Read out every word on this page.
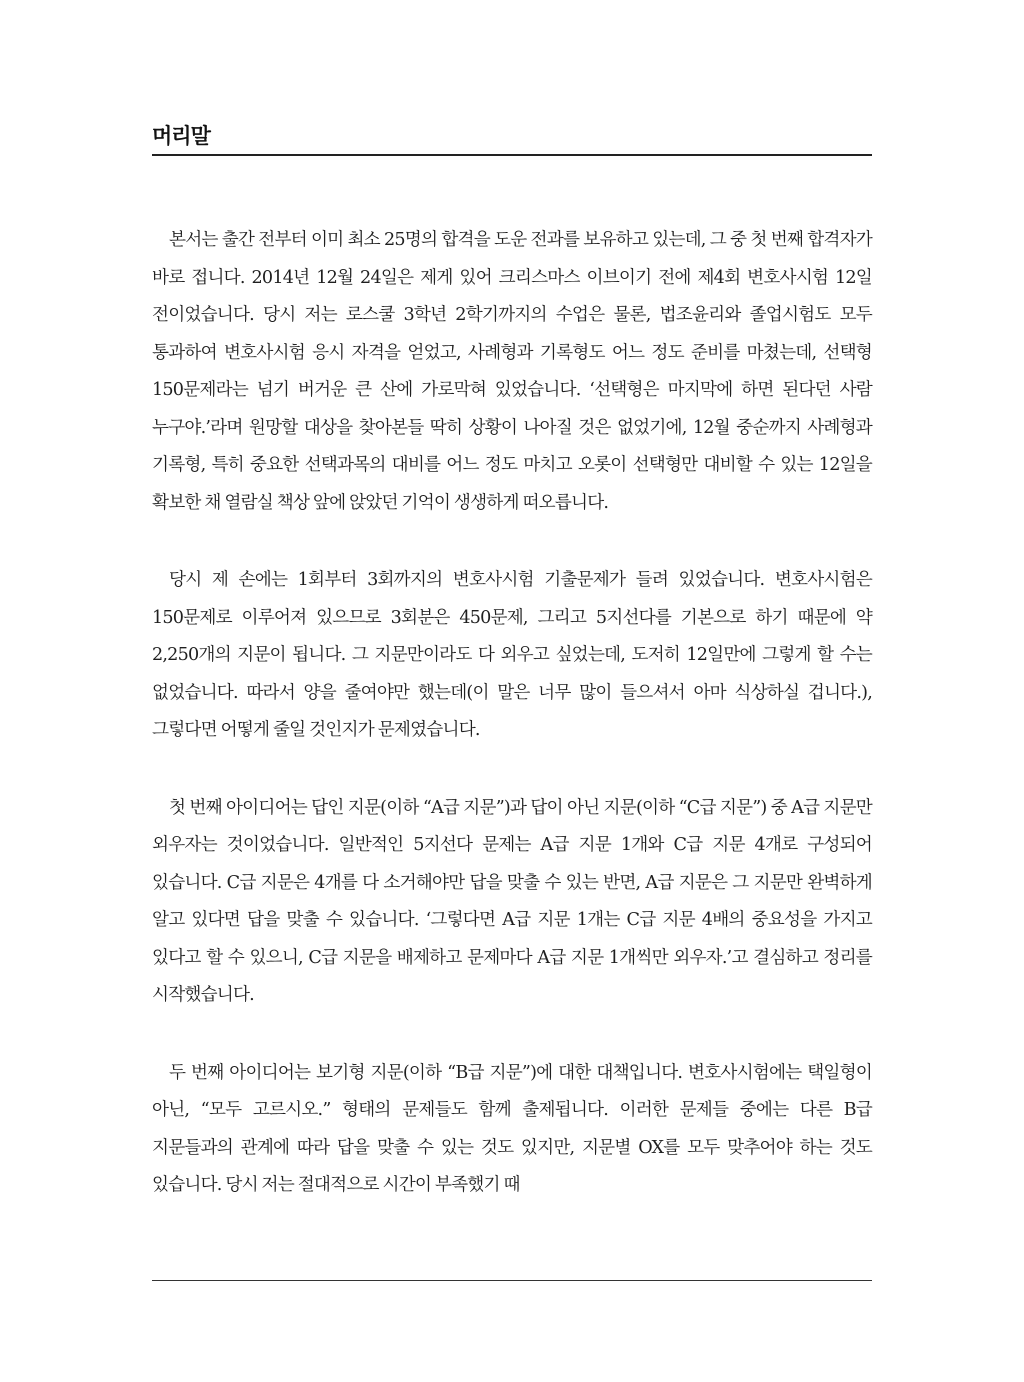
머리말

본서는 출간 전부터 이미 최소 25명의 합격을 도운 전과를 보유하고 있는데, 그 중 첫 번째 합격자가 바로 접니다. 2014년 12월 24일은 제게 있어 크리스마스 이브이기 전에 제4회 변호사시험 12일 전이었습니다. 당시 저는 로스쿨 3학년 2학기까지의 수업은 물론, 법조윤리와 졸업시험도 모두 통과하여 변호사시험 응시 자격을 얻었고, 사례형과 기록형도 어느 정도 준비를 마쳤는데, 선택형 150문제라는 넘기 버거운 큰 산에 가로막혀 있었습니다. ‘선택형은 마지막에 하면 된다던 사람 누구야.’라며 원망할 대상을 찾아본들 딱히 상황이 나아질 것은 없었기에, 12월 중순까지 사례형과 기록형, 특히 중요한 선택과목의 대비를 어느 정도 마치고 오롯이 선택형만 대비할 수 있는 12일을 확보한 채 열람실 책상 앞에 앉았던 기억이 생생하게 떠오릅니다.

당시 제 손에는 1회부터 3회까지의 변호사시험 기출문제가 들려 있었습니다. 변호사시험은 150문제로 이루어져 있으므로 3회분은 450문제, 그리고 5지선다를 기본으로 하기 때문에 약 2,250개의 지문이 됩니다. 그 지문만이라도 다 외우고 싶었는데, 도저히 12일만에 그렇게 할 수는 없었습니다. 따라서 양을 줄여야만 했는데(이 말은 너무 많이 들으셔서 아마 식상하실 겁니다.), 그렇다면 어떻게 줄일 것인지가 문제였습니다.

첫 번째 아이디어는 답인 지문(이하 “A급 지문”)과 답이 아닌 지문(이하 “C급 지문”) 중 A급 지문만 외우자는 것이었습니다. 일반적인 5지선다 문제는 A급 지문 1개와 C급 지문 4개로 구성되어 있습니다. C급 지문은 4개를 다 소거해야만 답을 맞출 수 있는 반면, A급 지문은 그 지문만 완벽하게 알고 있다면 답을 맞출 수 있습니다. ‘그렇다면 A급 지문 1개는 C급 지문 4배의 중요성을 가지고 있다고 할 수 있으니, C급 지문을 배제하고 문제마다 A급 지문 1개씩만 외우자.’고 결심하고 정리를 시작했습니다.

두 번째 아이디어는 보기형 지문(이하 “B급 지문”)에 대한 대책입니다. 변호사시험에는 택일형이 아닌, “모두 고르시오.” 형태의 문제들도 함께 출제됩니다. 이러한 문제들 중에는 다른 B급 지문들과의 관계에 따라 답을 맞출 수 있는 것도 있지만, 지문별 OX를 모두 맞추어야 하는 것도 있습니다. 당시 저는 절대적으로 시간이 부족했기 때
